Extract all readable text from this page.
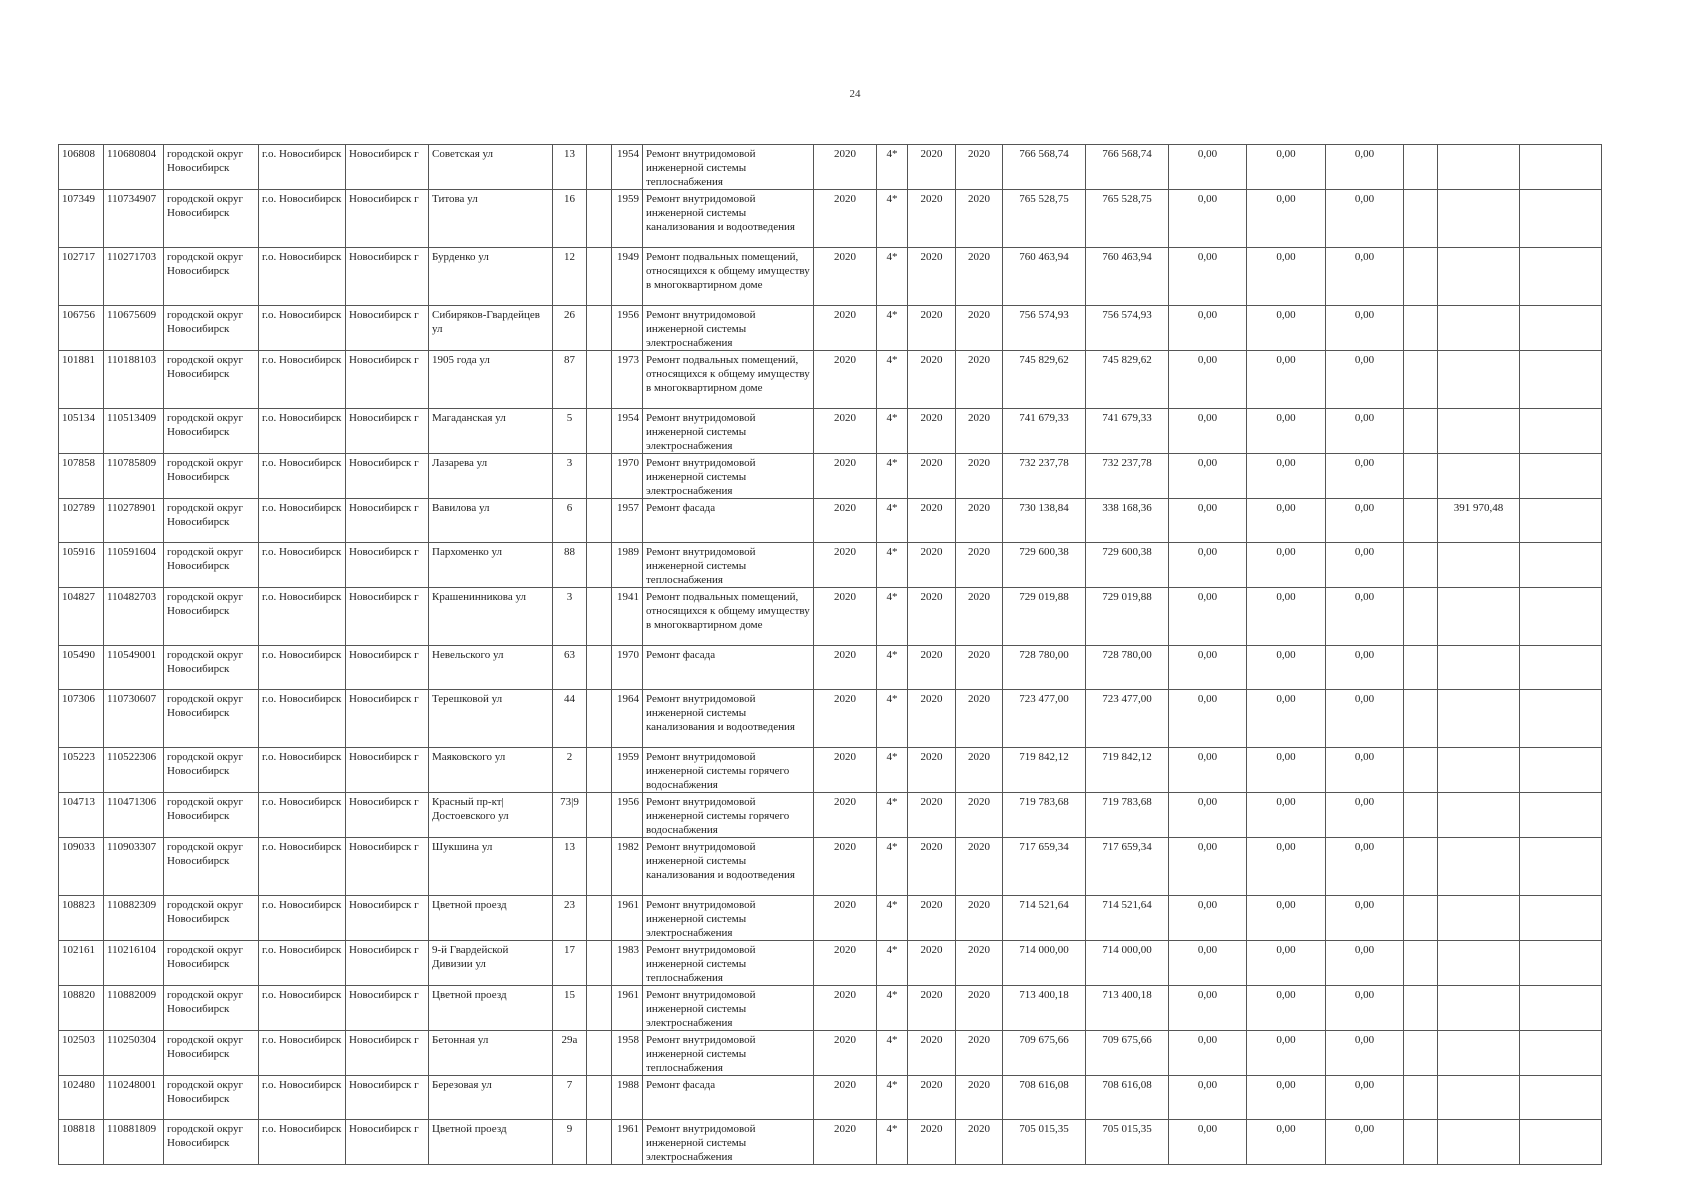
24
106808	110680804	городской округ Новосибирск	г.о. Новосибирск	Новосибирск г	Советская ул	13		1954	Ремонт внутридомовой инженерной системы теплоснабжения	2020	4*	2020	2020	766 568,74	766 568,74	0,00	0,00	0,00			
107349	110734907	городской округ Новосибирск	г.о. Новосибирск	Новосибирск г	Титова ул	16		1959	Ремонт внутридомовой инженерной системы канализования и водоотведения	2020	4*	2020	2020	765 528,75	765 528,75	0,00	0,00	0,00			
102717	110271703	городской округ Новосибирск	г.о. Новосибирск	Новосибирск г	Бурденко ул	12		1949	Ремонт подвальных помещений, относящихся к общему имуществу в многоквартирном доме	2020	4*	2020	2020	760 463,94	760 463,94	0,00	0,00	0,00			
106756	110675609	городской округ Новосибирск	г.о. Новосибирск	Новосибирск г	Сибиряков-Гвардейцев ул	26		1956	Ремонт внутридомовой инженерной системы электроснабжения	2020	4*	2020	2020	756 574,93	756 574,93	0,00	0,00	0,00			
101881	110188103	городской округ Новосибирск	г.о. Новосибирск	Новосибирск г	1905 года ул	87		1973	Ремонт подвальных помещений, относящихся к общему имуществу в многоквартирном доме	2020	4*	2020	2020	745 829,62	745 829,62	0,00	0,00	0,00			
105134	110513409	городской округ Новосибирск	г.о. Новосибирск	Новосибирск г	Магаданская ул	5		1954	Ремонт внутридомовой инженерной системы электроснабжения	2020	4*	2020	2020	741 679,33	741 679,33	0,00	0,00	0,00			
107858	110785809	городской округ Новосибирск	г.о. Новосибирск	Новосибирск г	Лазарева ул	3		1970	Ремонт внутридомовой инженерной системы электроснабжения	2020	4*	2020	2020	732 237,78	732 237,78	0,00	0,00	0,00			
102789	110278901	городской округ Новосибирск	г.о. Новосибирск	Новосибирск г	Вавилова ул	6		1957	Ремонт фасада	2020	4*	2020	2020	730 138,84	338 168,36	0,00	0,00	0,00		391 970,48	
105916	110591604	городской округ Новосибирск	г.о. Новосибирск	Новосибирск г	Пархоменко ул	88		1989	Ремонт внутридомовой инженерной системы теплоснабжения	2020	4*	2020	2020	729 600,38	729 600,38	0,00	0,00	0,00			
104827	110482703	городской округ Новосибирск	г.о. Новосибирск	Новосибирск г	Крашенинникова ул	3		1941	Ремонт подвальных помещений, относящихся к общему имуществу в многоквартирном доме	2020	4*	2020	2020	729 019,88	729 019,88	0,00	0,00	0,00			
105490	110549001	городской округ Новосибирск	г.о. Новосибирск	Новосибирск г	Невельского ул	63		1970	Ремонт фасада	2020	4*	2020	2020	728 780,00	728 780,00	0,00	0,00	0,00			
107306	110730607	городской округ Новосибирск	г.о. Новосибирск	Новосибирск г	Терешковой ул	44		1964	Ремонт внутридомовой инженерной системы канализования и водоотведения	2020	4*	2020	2020	723 477,00	723 477,00	0,00	0,00	0,00			
105223	110522306	городской округ Новосибирск	г.о. Новосибирск	Новосибирск г	Маяковского ул	2		1959	Ремонт внутридомовой инженерной системы горячего водоснабжения	2020	4*	2020	2020	719 842,12	719 842,12	0,00	0,00	0,00			
104713	110471306	городской округ Новосибирск	г.о. Новосибирск	Новосибирск г	Красный пр-кт|Достоевского ул	73|9		1956	Ремонт внутридомовой инженерной системы горячего водоснабжения	2020	4*	2020	2020	719 783,68	719 783,68	0,00	0,00	0,00			
109033	110903307	городской округ Новосибирск	г.о. Новосибирск	Новосибирск г	Шукшина ул	13		1982	Ремонт внутридомовой инженерной системы канализования и водоотведения	2020	4*	2020	2020	717 659,34	717 659,34	0,00	0,00	0,00			
108823	110882309	городской округ Новосибирск	г.о. Новосибирск	Новосибирск г	Цветной проезд	23		1961	Ремонт внутридомовой инженерной системы электроснабжения	2020	4*	2020	2020	714 521,64	714 521,64	0,00	0,00	0,00			
102161	110216104	городской округ Новосибирск	г.о. Новосибирск	Новосибирск г	9-й Гвардейской Дивизии ул	17		1983	Ремонт внутридомовой инженерной системы теплоснабжения	2020	4*	2020	2020	714 000,00	714 000,00	0,00	0,00	0,00			
108820	110882009	городской округ Новосибирск	г.о. Новосибирск	Новосибирск г	Цветной проезд	15		1961	Ремонт внутридомовой инженерной системы электроснабжения	2020	4*	2020	2020	713 400,18	713 400,18	0,00	0,00	0,00			
102503	110250304	городской округ Новосибирск	г.о. Новосибирск	Новосибирск г	Бетонная ул	29а		1958	Ремонт внутридомовой инженерной системы теплоснабжения	2020	4*	2020	2020	709 675,66	709 675,66	0,00	0,00	0,00			
102480	110248001	городской округ Новосибирск	г.о. Новосибирск	Новосибирск г	Березовая ул	7		1988	Ремонт фасада	2020	4*	2020	2020	708 616,08	708 616,08	0,00	0,00	0,00			
108818	110881809	городской округ Новосибирск	г.о. Новосибирск	Новосибирск г	Цветной проезд	9		1961	Ремонт внутридомовой инженерной системы электроснабжения	2020	4*	2020	2020	705 015,35	705 015,35	0,00	0,00	0,00			
